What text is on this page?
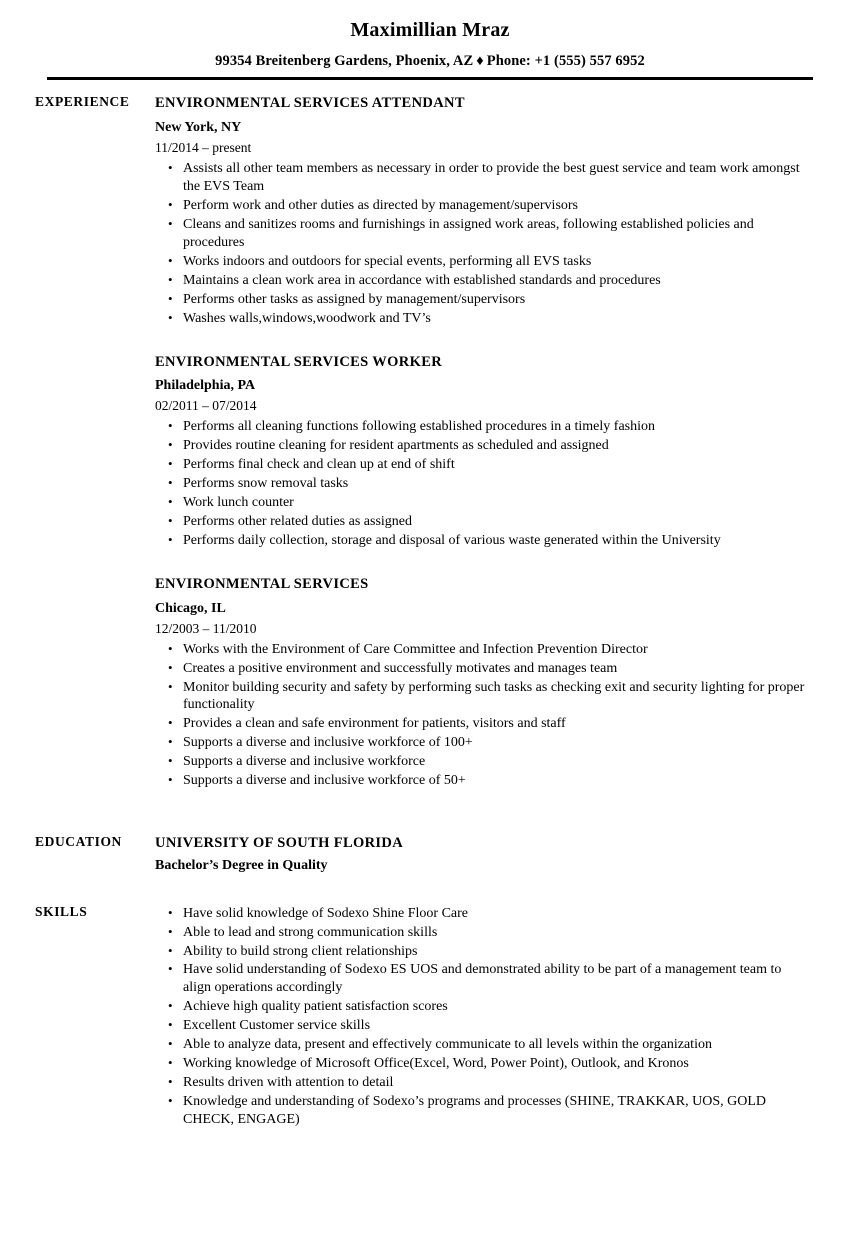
Maximillian Mraz
99354 Breitenberg Gardens, Phoenix, AZ ♦ Phone: +1 (555) 557 6952
EXPERIENCE	ENVIRONMENTAL SERVICES ATTENDANT
New York, NY
11/2014 – present
• Assists all other team members as necessary in order to provide the best guest service and team work amongst the EVS Team
• Perform work and other duties as directed by management/supervisors
• Cleans and sanitizes rooms and furnishings in assigned work areas, following established policies and procedures
• Works indoors and outdoors for special events, performing all EVS tasks
• Maintains a clean work area in accordance with established standards and procedures
• Performs other tasks as assigned by management/supervisors
• Washes walls,windows,woodwork and TV’s
ENVIRONMENTAL SERVICES WORKER
Philadelphia, PA
02/2011 – 07/2014
• Performs all cleaning functions following established procedures in a timely fashion
• Provides routine cleaning for resident apartments as scheduled and assigned
• Performs final check and clean up at end of shift
• Performs snow removal tasks
• Work lunch counter
• Performs other related duties as assigned
• Performs daily collection, storage and disposal of various waste generated within the University
ENVIRONMENTAL SERVICES
Chicago, IL
12/2003 – 11/2010
• Works with the Environment of Care Committee and Infection Prevention Director
• Creates a positive environment and successfully motivates and manages team
• Monitor building security and safety by performing such tasks as checking exit and security lighting for proper functionality
• Provides a clean and safe environment for patients, visitors and staff
• Supports a diverse and inclusive workforce of 100+
• Supports a diverse and inclusive workforce
• Supports a diverse and inclusive workforce of 50+
EDUCATION	UNIVERSITY OF SOUTH FLORIDA
Bachelor’s Degree in Quality
SKILLS	• Have solid knowledge of Sodexo Shine Floor Care
• Able to lead and strong communication skills
• Ability to build strong client relationships
• Have solid understanding of Sodexo ES UOS and demonstrated ability to be part of a management team to align operations accordingly
• Achieve high quality patient satisfaction scores
• Excellent Customer service skills
• Able to analyze data, present and effectively communicate to all levels within the organization
• Working knowledge of Microsoft Office(Excel, Word, Power Point), Outlook, and Kronos
• Results driven with attention to detail
• Knowledge and understanding of Sodexo’s programs and processes (SHINE, TRAKKAR, UOS, GOLD CHECK, ENGAGE)
